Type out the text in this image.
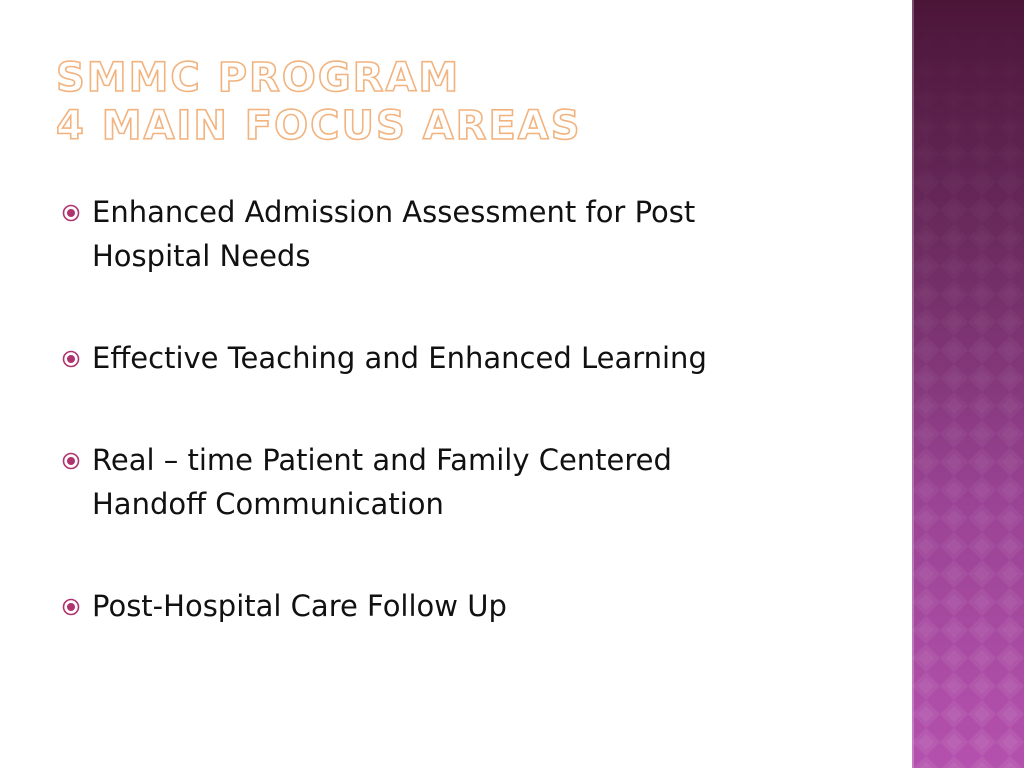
SMMC PROGRAM
4 MAIN FOCUS AREAS
Enhanced Admission Assessment for Post
Hospital Needs
Effective Teaching and Enhanced Learning
Real – time Patient and Family Centered
Handoff Communication
Post-Hospital Care Follow Up
